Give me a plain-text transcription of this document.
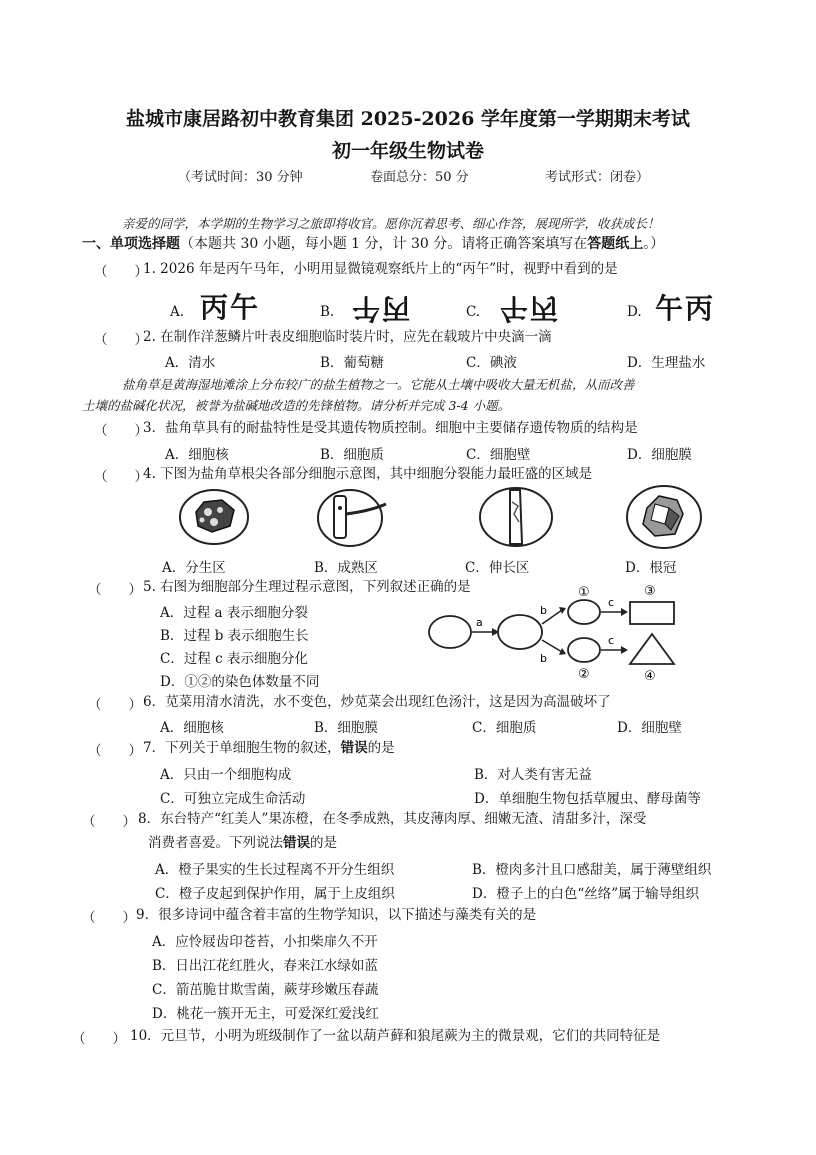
盐城市康居路初中教育集团 2025-2026 学年度第一学期期末考试
初一年级生物试卷
（考试时间：30 分钟	卷面总分：50 分	考试形式：闭卷）
亲爱的同学，本学期的生物学习之旅即将收官。愿你沉着思考、细心作答，展现所学，收获成长！
一、单项选择题（本题共 30 小题，每小题 1 分，计 30 分。请将正确答案填写在答题纸上。）
（　　）
1. 2026 年是丙午马年，小明用显微镜观察纸片上的“丙午”时，视野中看到的是
A. 丙午	B. 丙午	C. 午丙	D. 午丙
（　　）
2. 在制作洋葱鳞片叶表皮细胞临时装片时，应先在载玻片中央滴一滴
A．清水	B．葡萄糖	C．碘液	D．生理盐水
盐角草是黄海湿地滩涂上分布较广的盐生植物之一。它能从土壤中吸收大量无机盐，从而改善
土壤的盐碱化状况，被誉为盐碱地改造的先锋植物。请分析并完成 3-4 小题。
（　　）
3．盐角草具有的耐盐特性是受其遗传物质控制。细胞中主要储存遗传物质的结构是
A．细胞核	B．细胞质	C．细胞壁	D．细胞膜
（　　）
4. 下图为盐角草根尖各部分细胞示意图，其中细胞分裂能力最旺盛的区域是
A．分生区	B．成熟区	C．伸长区	D．根冠
（　　） 5. 右图为细胞部分生理过程示意图，下列叙述正确的是
A．过程 a 表示细胞分裂
B．过程 b 表示细胞生长
C．过程 c 表示细胞分化
D．①②的染色体数量不同
a
b
b
①
②
c
c
③
④
（　　） 6．苋菜用清水清洗，水不变色，炒苋菜会出现红色汤汁，这是因为高温破坏了
A．细胞核	B．细胞膜	C．细胞质	D．细胞壁
（　　） 7．下列关于单细胞生物的叙述，错误的是
A．只由一个细胞构成	B．对人类有害无益
C．可独立完成生命活动	D．单细胞生物包括草履虫、酵母菌等
（　　） 8．东台特产“红美人”果冻橙，在冬季成熟，其皮薄肉厚、细嫩无渣、清甜多汁，深受
消费者喜爱。下列说法错误的是
A．橙子果实的生长过程离不开分生组织	B．橙肉多汁且口感甜美，属于薄壁组织
C．橙子皮起到保护作用，属于上皮组织	D．橙子上的白色“丝络”属于输导组织
（　　） 9．很多诗词中蕴含着丰富的生物学知识，以下描述与藻类有关的是
A．应怜屐齿印苍苔，小扣柴扉久不开
B．日出江花红胜火，春来江水绿如蓝
C．箭茁脆甘欺雪菌，蕨芽珍嫩压春蔬
D．桃花一簇开无主，可爱深红爱浅红
（　　） 10．元旦节，小明为班级制作了一盆以葫芦藓和狼尾蕨为主的微景观，它们的共同特征是
